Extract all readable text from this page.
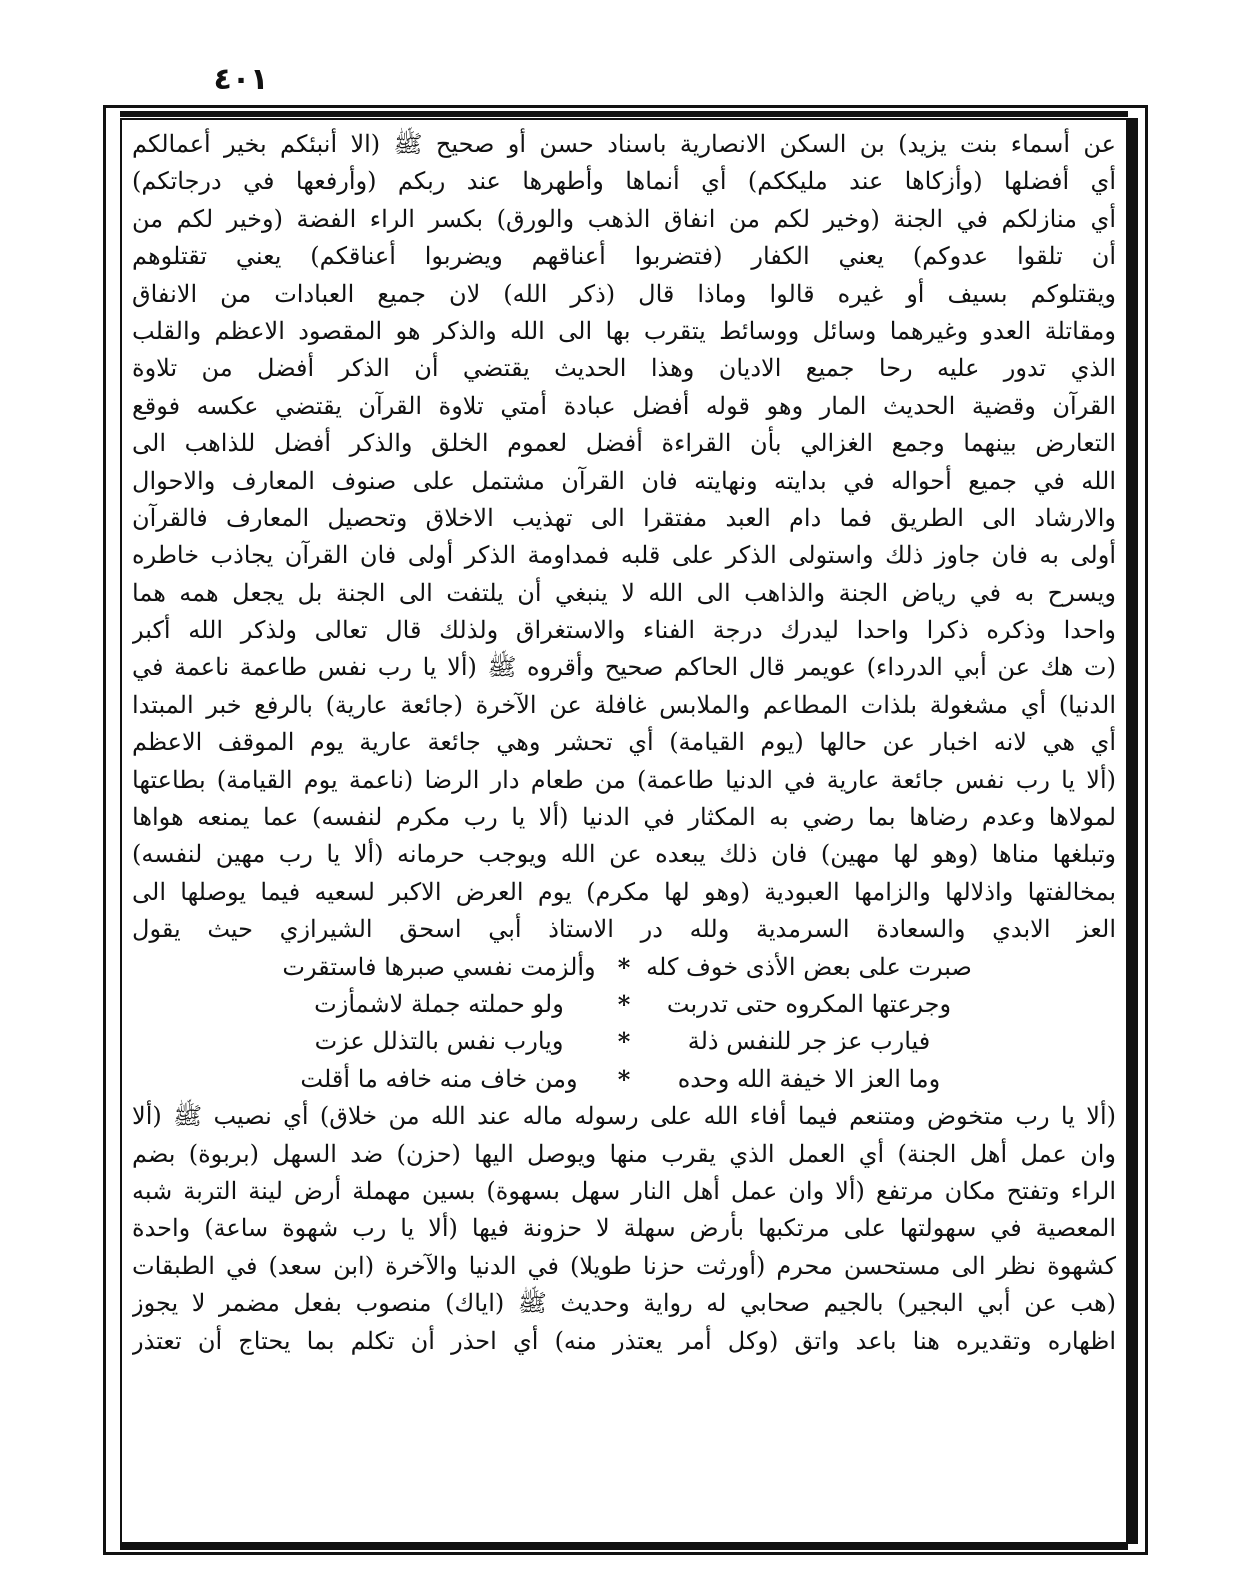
٤٠١
عن أسماء بنت يزيد) بن السكن الانصارية باسناد حسن أو صحيح ﷺ (الا أنبئكم بخير أعمالكم
أي أفضلها (وأزكاها عند مليككم) أي أنماها وأطهرها عند ربكم (وأرفعها في درجاتكم)
أي منازلكم في الجنة (وخير لكم من انفاق الذهب والورق) بكسر الراء الفضة (وخير لكم من
أن تلقوا عدوكم) يعني الكفار (فتضربوا أعناقهم ويضربوا أعناقكم) يعني تقتلوهم
ويقتلوكم بسيف أو غيره قالوا وماذا قال (ذكر الله) لان جميع العبادات من الانفاق
ومقاتلة العدو وغيرهما وسائل ووسائط يتقرب بها الى الله والذكر هو المقصود الاعظم والقلب
الذي تدور عليه رحا جميع الاديان وهذا الحديث يقتضي أن الذكر أفضل من تلاوة
القرآن وقضية الحديث المار وهو قوله أفضل عبادة أمتي تلاوة القرآن يقتضي عكسه فوقع
التعارض بينهما وجمع الغزالي بأن القراءة أفضل لعموم الخلق والذكر أفضل للذاهب الى
الله في جميع أحواله في بدايته ونهايته فان القرآن مشتمل على صنوف المعارف والاحوال
والارشاد الى الطريق فما دام العبد مفتقرا الى تهذيب الاخلاق وتحصيل المعارف فالقرآن
أولى به فان جاوز ذلك واستولى الذكر على قلبه فمداومة الذكر أولى فان القرآن يجاذب خاطره
ويسرح به في رياض الجنة والذاهب الى الله لا ينبغي أن يلتفت الى الجنة بل يجعل همه هما
واحدا وذكره ذكرا واحدا ليدرك درجة الفناء والاستغراق ولذلك قال تعالى ولذكر الله أكبر
(ت هك عن أبي الدرداء) عويمر قال الحاكم صحيح وأقروه ﷺ (ألا يا رب نفس طاعمة ناعمة في
الدنيا) أي مشغولة بلذات المطاعم والملابس غافلة عن الآخرة (جائعة عارية) بالرفع خبر المبتدا
أي هي لانه اخبار عن حالها (يوم القيامة) أي تحشر وهي جائعة عارية يوم الموقف الاعظم
(ألا يا رب نفس جائعة عارية في الدنيا طاعمة) من طعام دار الرضا (ناعمة يوم القيامة) بطاعتها
لمولاها وعدم رضاها بما رضي به المكثار في الدنيا (ألا يا رب مكرم لنفسه) عما يمنعه هواها
وتبلغها مناها (وهو لها مهين) فان ذلك يبعده عن الله ويوجب حرمانه (ألا يا رب مهين لنفسه)
بمخالفتها واذلالها والزامها العبودية (وهو لها مكرم) يوم العرض الاكبر لسعيه فيما يوصلها الى
العز الابدي والسعادة السرمدية ولله در الاستاذ أبي اسحق الشيرازي حيث يقول
صبرت على بعض الأذى خوف كله
*
وألزمت نفسي صبرها فاستقرت
وجرعتها المكروه حتى تدربت
*
ولو حملته جملة لاشمأزت
فيارب عز جر للنفس ذلة
*
ويارب نفس بالتذلل عزت
وما العز الا خيفة الله وحده
*
ومن خاف منه خافه ما أقلت
(ألا يا رب متخوض ومتنعم فيما أفاء الله على رسوله ماله عند الله من خلاق) أي نصيب ﷺ (ألا
وان عمل أهل الجنة) أي العمل الذي يقرب منها ويوصل اليها (حزن) ضد السهل (بربوة) بضم
الراء وتفتح مكان مرتفع (ألا وان عمل أهل النار سهل بسهوة) بسين مهملة أرض لينة التربة شبه
المعصية في سهولتها على مرتكبها بأرض سهلة لا حزونة فيها (ألا يا رب شهوة ساعة) واحدة
كشهوة نظر الى مستحسن محرم (أورثت حزنا طويلا) في الدنيا والآخرة (ابن سعد) في الطبقات
(هب عن أبي البجير) بالجيم صحابي له رواية وحديث ﷺ (اياك) منصوب بفعل مضمر لا يجوز
اظهاره وتقديره هنا باعد واتق (وكل أمر يعتذر منه) أي احذر أن تكلم بما يحتاج أن تعتذر
